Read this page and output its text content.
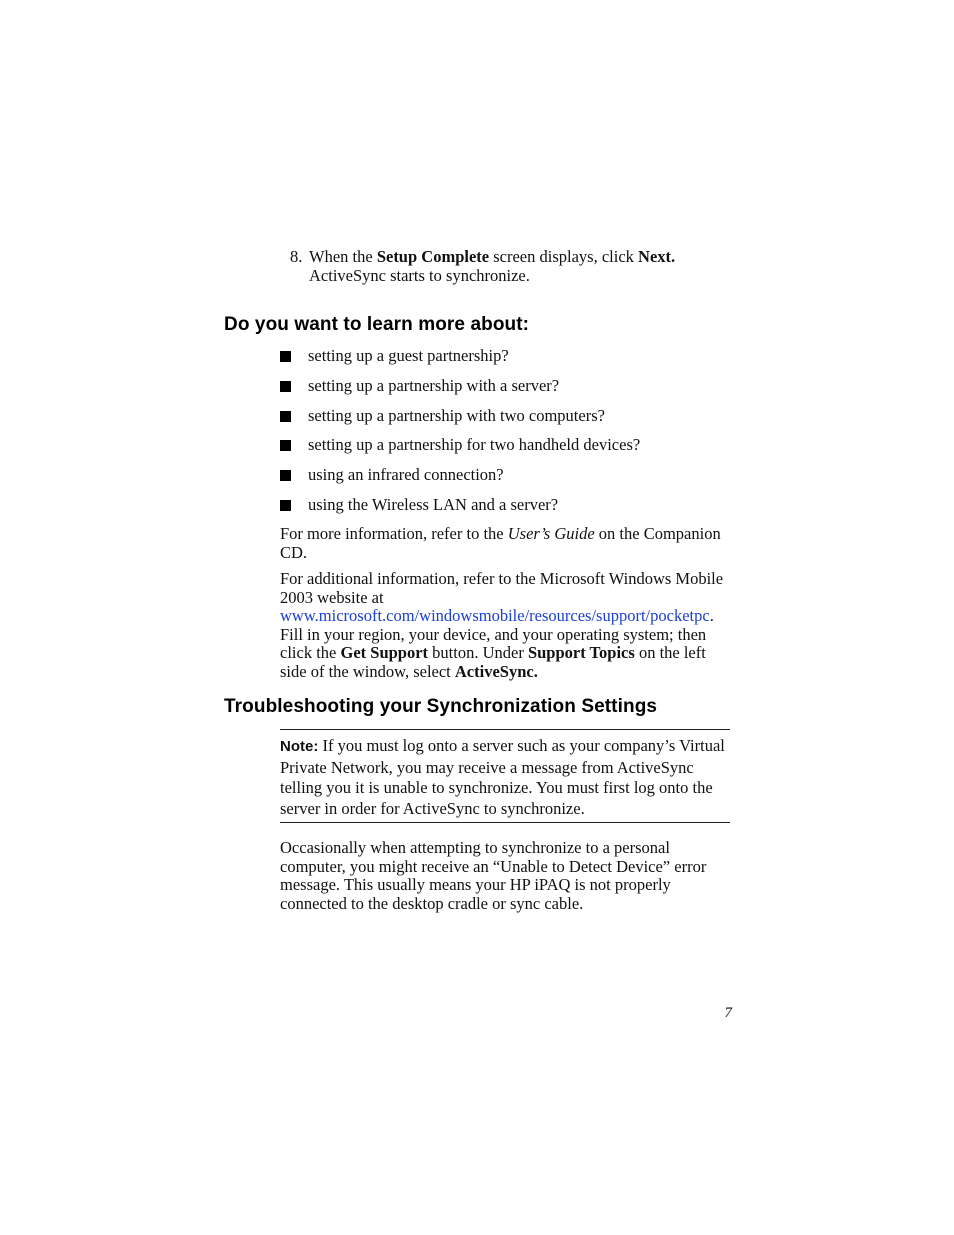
8. When the Setup Complete screen displays, click Next.
ActiveSync starts to synchronize.
Do you want to learn more about:
setting up a guest partnership?
setting up a partnership with a server?
setting up a partnership with two computers?
setting up a partnership for two handheld devices?
using an infrared connection?
using the Wireless LAN and a server?
For more information, refer to the User’s Guide on the Companion CD.
For additional information, refer to the Microsoft Windows Mobile 2003 website at
www.microsoft.com/windowsmobile/resources/support/pocketpc. Fill in your region, your device, and your operating system; then click the Get Support button. Under Support Topics on the left side of the window, select ActiveSync.
Troubleshooting your Synchronization Settings
Note: If you must log onto a server such as your company’s Virtual Private Network, you may receive a message from ActiveSync telling you it is unable to synchronize. You must first log onto the server in order for ActiveSync to synchronize.
Occasionally when attempting to synchronize to a personal computer, you might receive an “Unable to Detect Device” error message. This usually means your HP iPAQ is not properly connected to the desktop cradle or sync cable.
7
